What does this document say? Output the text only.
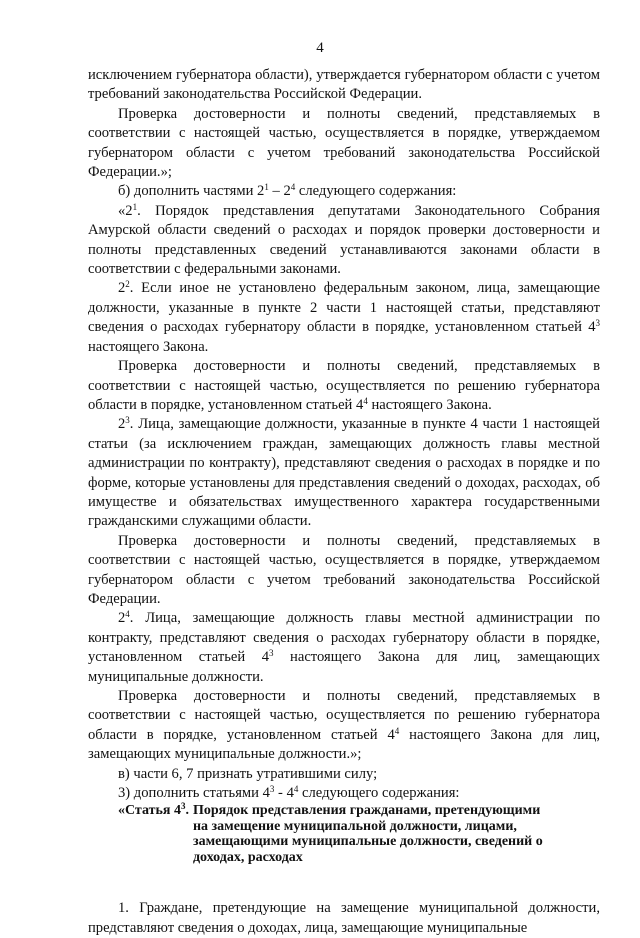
4

исключением губернатора области), утверждается губернатором области с учетом требований законодательства Российской Федерации.

Проверка достоверности и полноты сведений, представляемых в соответствии с настоящей частью, осуществляется в порядке, утверждаемом губернатором области с учетом требований законодательства Российской Федерации.»;

б) дополнить частями $2^1 - 2^4$ следующего содержания:

«$2^1$. Порядок представления депутатами Законодательного Собрания Амурской области сведений о расходах и порядок проверки достоверности и полноты представленных сведений устанавливаются законами области в соответствии с федеральными законами.

$2^2$. Если иное не установлено федеральным законом, лица, замещающие должности, указанные в пункте 2 части 1 настоящей статьи, представляют сведения о расходах губернатору области в порядке, установленном статьей $4^3$ настоящего Закона.

Проверка достоверности и полноты сведений, представляемых в соответствии с настоящей частью, осуществляется по решению губернатора области в порядке, установленном статьей $4^4$ настоящего Закона.

$2^3$. Лица, замещающие должности, указанные в пункте 4 части 1 настоящей статьи (за исключением граждан, замещающих должность главы местной администрации по контракту), представляют сведения о расходах в порядке и по форме, которые установлены для представления сведений о доходах, расходах, об имуществе и обязательствах имущественного характера государственными гражданскими служащими области.

Проверка достоверности и полноты сведений, представляемых в соответствии с настоящей частью, осуществляется в порядке, утверждаемом губернатором области с учетом требований законодательства Российской Федерации.

$2^4$. Лица, замещающие должность главы местной администрации по контракту, представляют сведения о расходах губернатору области в порядке, установленном статьей $4^3$ настоящего Закона для лиц, замещающих муниципальные должности.

Проверка достоверности и полноты сведений, представляемых в соответствии с настоящей частью, осуществляется по решению губернатора области в порядке, установленном статьей $4^4$ настоящего Закона для лиц, замещающих муниципальные должности.»;

в) части 6, 7 признать утратившими силу;

3) дополнить статьями $4^3 - 4^4$ следующего содержания:

«Статья $4^3$. Порядок представления гражданами, претендующими
на замещение муниципальной должности, лицами,
замещающими муниципальные должности, сведений о
доходах, расходах

1. Граждане, претендующие на замещение муниципальной должности, представляют сведения о доходах, лица, замещающие муниципальные
